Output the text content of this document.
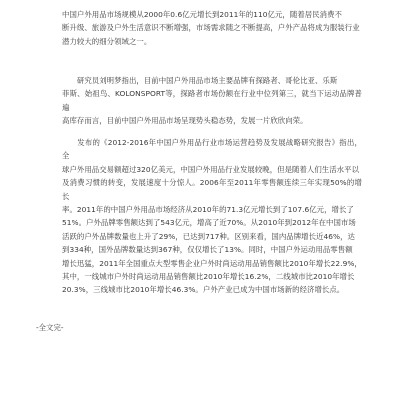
中国户外用品市场规模从2000年0.6亿元增长到2011年的110亿元，随着居民消费不
断升级、旅游及户外生活意识不断增强，市场需求随之不断提高，户外产品将成为服装行业
潜力较大的细分领域之一。

　　研究员刘明梦指出，目前中国户外用品市场主要品牌有探路者、哥伦比亚、乐斯
菲斯、始祖鸟、KOLONSPORT等，探路者市场份额在行业中位列第三，就当下运动品牌普遍
高库存而言，目前中国户外用品市场呈现势头稳态势，发展一片欣欣向荣。

　　发布的《2012-2016年中国户外用品行业市场运营趋势及发展战略研究报告》指出，全
球户外用品交易额超过320亿美元，中国户外用品行业发展较晚，但是随着人们生活水平以
及消费习惯的转变，发展速度十分惊人。2006年至2011年零售额连续三年实现50%的增长
率。2011年的中国户外用品市场经济从2010年的71.3亿元增长到了107.6亿元，增长了
51%。户外品牌零售额达到了543亿元，增高了近70%。从2010年到2012年在中国市场
活跃的户外品牌数量也上升了29%，已达到717种。区别来看，国内品牌增长近46%，达
到334种，国外品牌数量达到367种，仅仅增长了13%。同时，中国户外运动用品零售额
增长迅猛，2011年全国重点大型零售企业户外时尚运动用品销售额比2010年增长22.9%，
其中，一线城市户外时尚运动用品销售额比2010年增长16.2%，二线城市比2010年增长
20.3%，三线城市比2010年增长46.3%。户外产业已成为中国市场新的经济增长点。

-全文完-
